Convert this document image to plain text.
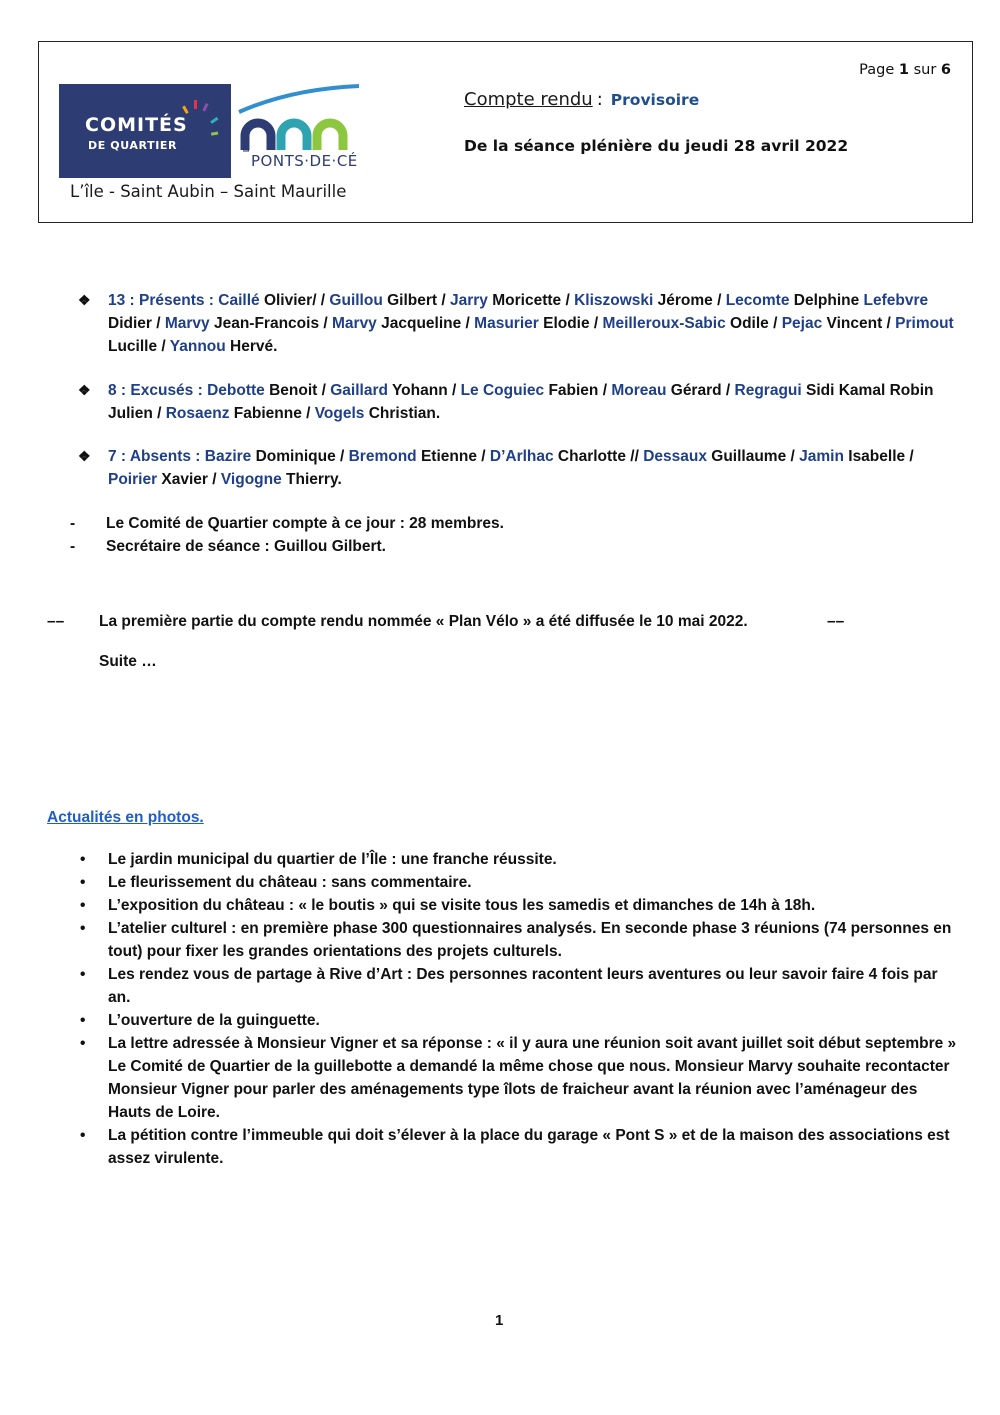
COMITÉS
DE QUARTIER	LES
PONTS·DE·CÉ
L’île - Saint Aubin – Saint Maurille
Page 1 sur 6
Compte rendu : Provisoire
De la séance plénière du jeudi 28 avril 2022
❖ 13 : Présents : Caillé Olivier/ / Guillou Gilbert / Jarry Moricette / Kliszowski Jérome / Lecomte Delphine Lefebvre Didier / Marvy Jean-Francois / Marvy Jacqueline / Masurier Elodie / Meilleroux-Sabic Odile / Pejac Vincent / Primout Lucille / Yannou Hervé.
❖ 8 : Excusés : Debotte Benoit / Gaillard Yohann / Le Coguiec Fabien / Moreau Gérard / Regragui Sidi Kamal Robin Julien / Rosaenz Fabienne / Vogels Christian.
❖ 7 : Absents : Bazire Dominique / Bremond Etienne / D’Arlhac Charlotte // Dessaux Guillaume / Jamin Isabelle / Poirier Xavier / Vigogne Thierry.
- Le Comité de Quartier compte à ce jour : 28 membres.
- Secrétaire de séance : Guillou Gilbert.
–– La première partie du compte rendu nommée « Plan Vélo » a été diffusée le 10 mai 2022.	––
Suite …
Actualités en photos.
• Le jardin municipal du quartier de l’Île : une franche réussite.
• Le fleurissement du château : sans commentaire.
• L’exposition du château : « le boutis » qui se visite tous les samedis et dimanches de 14h à 18h.
• L’atelier culturel : en première phase 300 questionnaires analysés. En seconde phase 3 réunions (74 personnes en tout) pour fixer les grandes orientations des projets culturels.
• Les rendez vous de partage à Rive d’Art : Des personnes racontent leurs aventures ou leur savoir faire 4 fois par an.
• L’ouverture de la guinguette.
• La lettre adressée à Monsieur Vigner et sa réponse : « il y aura une réunion soit avant juillet soit début septembre » Le Comité de Quartier de la guillebotte a demandé la même chose que nous. Monsieur Marvy souhaite recontacter Monsieur Vigner pour parler des aménagements type îlots de fraicheur avant la réunion avec l’aménageur des Hauts de Loire.
• La pétition contre l’immeuble qui doit s’élever à la place du garage « Pont S » et de la maison des associations est assez virulente.
1
